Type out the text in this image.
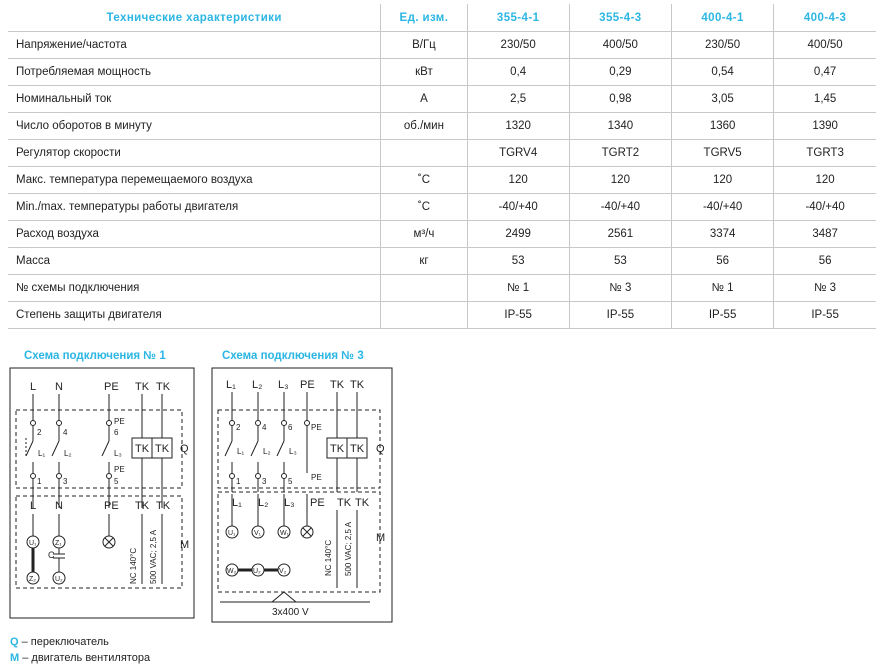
Технические характеристики	Ед. изм.	355-4-1	355-4-3	400-4-1	400-4-3
Напряжение/частота	В/Гц	230/50	400/50	230/50	400/50
Потребляемая мощность	кВт	0,4	0,29	0,54	0,47
Номинальный ток	А	2,5	0,98	3,05	1,45
Число оборотов в минуту	об./мин	1320	1340	1360	1390
Регулятор скорости		TGRV4	TGRT2	TGRV5	TGRT3
Макс. температура перемещаемого воздуха	˚С	120	120	120	120
Min./max. температуры работы двигателя	˚С	-40/+40	-40/+40	-40/+40	-40/+40
Расход воздуха	м³/ч	2499	2561	3374	3487
Масса	кг	53	53	56	56
№ схемы подключения		№ 1	№ 3	№ 1	№ 3
Степень защиты двигателя		IP-55	IP-55	IP-55	IP-55
Схема подключения № 1
L N	PE TK TK
2	4	6
1	3	5
PE
PE
L₁ L₂	L₃ TK TK Q
L N	PE TK TK
M
U₁	Z₁
Z₂	U₂
C	NC 140°C 500 VAC; 2,5 A
Схема подключения № 3
L₁ L₂ L₃ PE TK TK
2	4	6
1	3	5
PE
PE
L₁ L₂ L₃	TK TK Q
L₁ L₂ L₃ PE TK TK
M
U₁	V₁	W₁
W₂ U₂	V₂	NC 140°C 500 VAC; 2,5 A
3x400 V
Q – переключатель
M – двигатель вентилятора
